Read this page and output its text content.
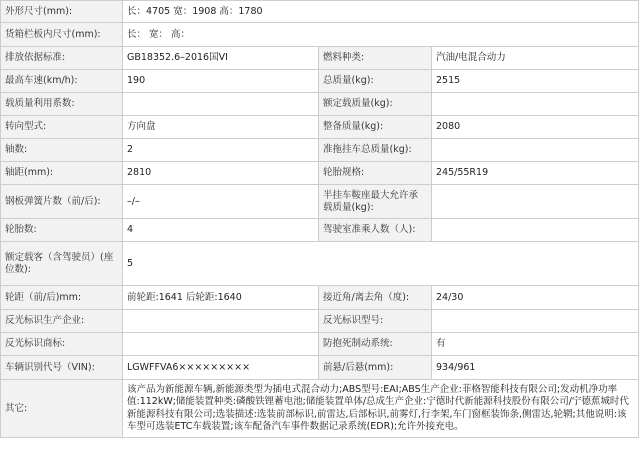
外形尺寸(mm):	长：4705 宽：1908 高：1780		
货箱栏板内尺寸(mm):	长： 宽： 高：		
排放依据标准:	GB18352.6–2016国VI	燃料种类:	汽油/电混合动力
最高车速(km/h):	190	总质量(kg):	2515
载质量利用系数:		额定载质量(kg):	
转向型式:	方向盘	整备质量(kg):	2080
轴数:	2	准拖挂车总质量(kg):	
轴距(mm):	2810	轮胎规格:	245/55R19
钢板弹簧片数（前/后):	–/–	半挂车鞍座最大允许承载质量(kg):	
轮胎数:	4	驾驶室准乘人数（人):	
额定载客（含驾驶员）(座位数):	5		
轮距（前/后)mm:	前轮距:1641 后轮距:1640	接近角/离去角（度):	24/30
反光标识生产企业:		反光标识型号:	
反光标识商标:		防抱死制动系统:	有
车辆识别代号（VIN):	LGWFFVA6×××××××××	前悬/后悬(mm):	934/961
其它:	该产品为新能源车辆,新能源类型为插电式混合动力;ABS型号:EAI;ABS生产企业:菲格智能科技有限公司;发动机净功率值:112kW;储能装置种类:磷酸铁锂蓄电池;储能装置单体/总成生产企业:宁德时代新能源科技股份有限公司/宁德蕉城时代新能源科技有限公司;选装描述:选装前部标识,前雷达,后部标识,前雾灯,行李架,车门窗框装饰条,侧雷达,轮辋;其他说明:该车型可选装ETC车载装置;该车配备汽车事件数据记录系统(EDR);允许外接充电。		
